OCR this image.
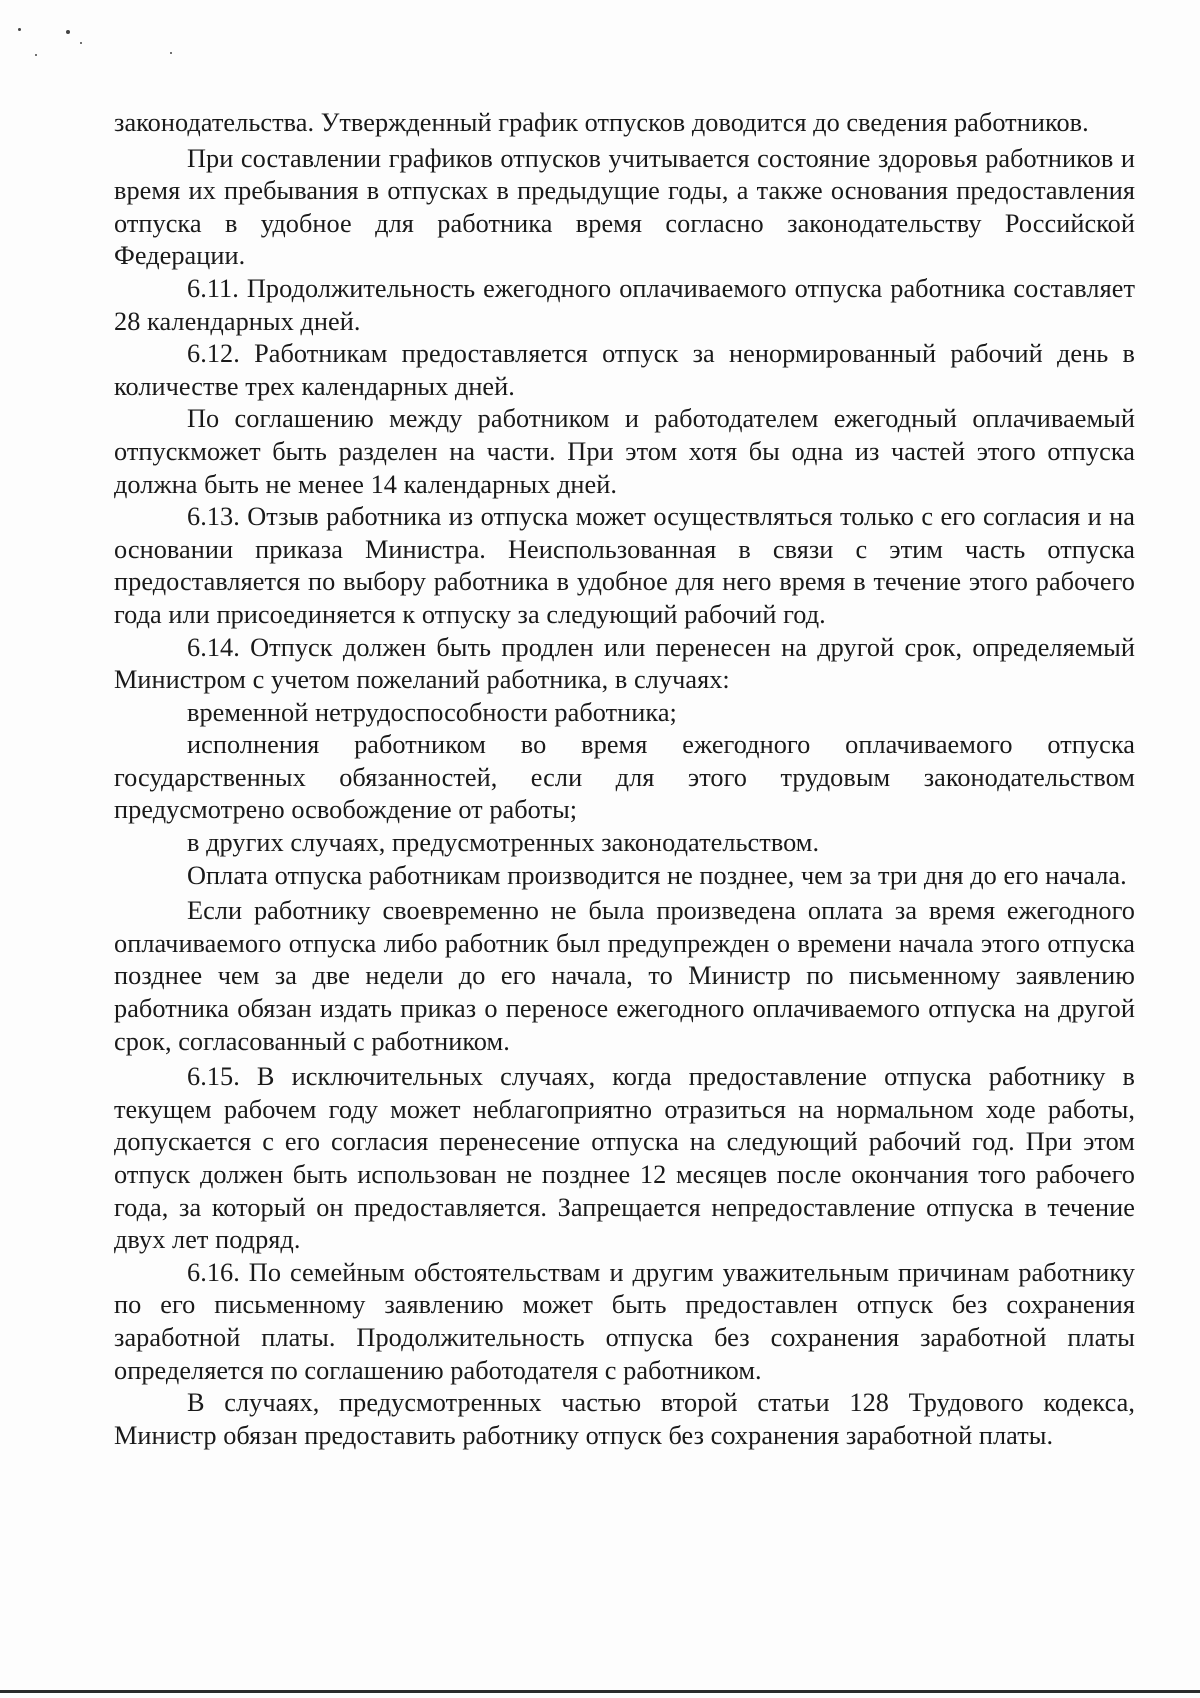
законодательства. Утвержденный график отпусков доводится до сведения работников.

При составлении графиков отпусков учитывается состояние здоровья работников и время их пребывания в отпусках в предыдущие годы, а также основания предоставления отпуска в удобное для работника время согласно законодательству Российской Федерации.

6.11. Продолжительность ежегодного оплачиваемого отпуска работника составляет 28 календарных дней.

6.12. Работникам предоставляется отпуск за ненормированный рабочий день в количестве трех календарных дней.

По соглашению между работником и работодателем ежегодный оплачиваемый отпускможет быть разделен на части. При этом хотя бы одна из частей этого отпуска должна быть не менее 14 календарных дней.

6.13. Отзыв работника из отпуска может осуществляться только с его согласия и на основании приказа Министра. Неиспользованная в связи с этим часть отпуска предоставляется по выбору работника в удобное для него время в течение этого рабочего года или присоединяется к отпуску за следующий рабочий год.

6.14. Отпуск должен быть продлен или перенесен на другой срок, определяемый Министром с учетом пожеланий работника, в случаях:

временной нетрудоспособности работника;

исполнения работником во время ежегодного оплачиваемого отпуска государственных обязанностей, если для этого трудовым законодательством предусмотрено освобождение от работы;

в других случаях, предусмотренных законодательством.

Оплата отпуска работникам производится не позднее, чем за три дня до его начала.

Если работнику своевременно не была произведена оплата за время ежегодного оплачиваемого отпуска либо работник был предупрежден о времени начала этого отпуска позднее чем за две недели до его начала, то Министр по письменному заявлению работника обязан издать приказ о переносе ежегодного оплачиваемого отпуска на другой срок, согласованный с работником.

6.15. В исключительных случаях, когда предоставление отпуска работнику в текущем рабочем году может неблагоприятно отразиться на нормальном ходе работы, допускается с его согласия перенесение отпуска на следующий рабочий год. При этом отпуск должен быть использован не позднее 12 месяцев после окончания того рабочего года, за который он предоставляется. Запрещается непредоставление отпуска в течение двух лет подряд.

6.16. По семейным обстоятельствам и другим уважительным причинам работнику по его письменному заявлению может быть предоставлен отпуск без сохранения заработной платы. Продолжительность отпуска без сохранения заработной платы определяется по соглашению работодателя с работником.

В случаях, предусмотренных частью второй статьи 128 Трудового кодекса, Министр обязан предоставить работнику отпуск без сохранения заработной платы.
